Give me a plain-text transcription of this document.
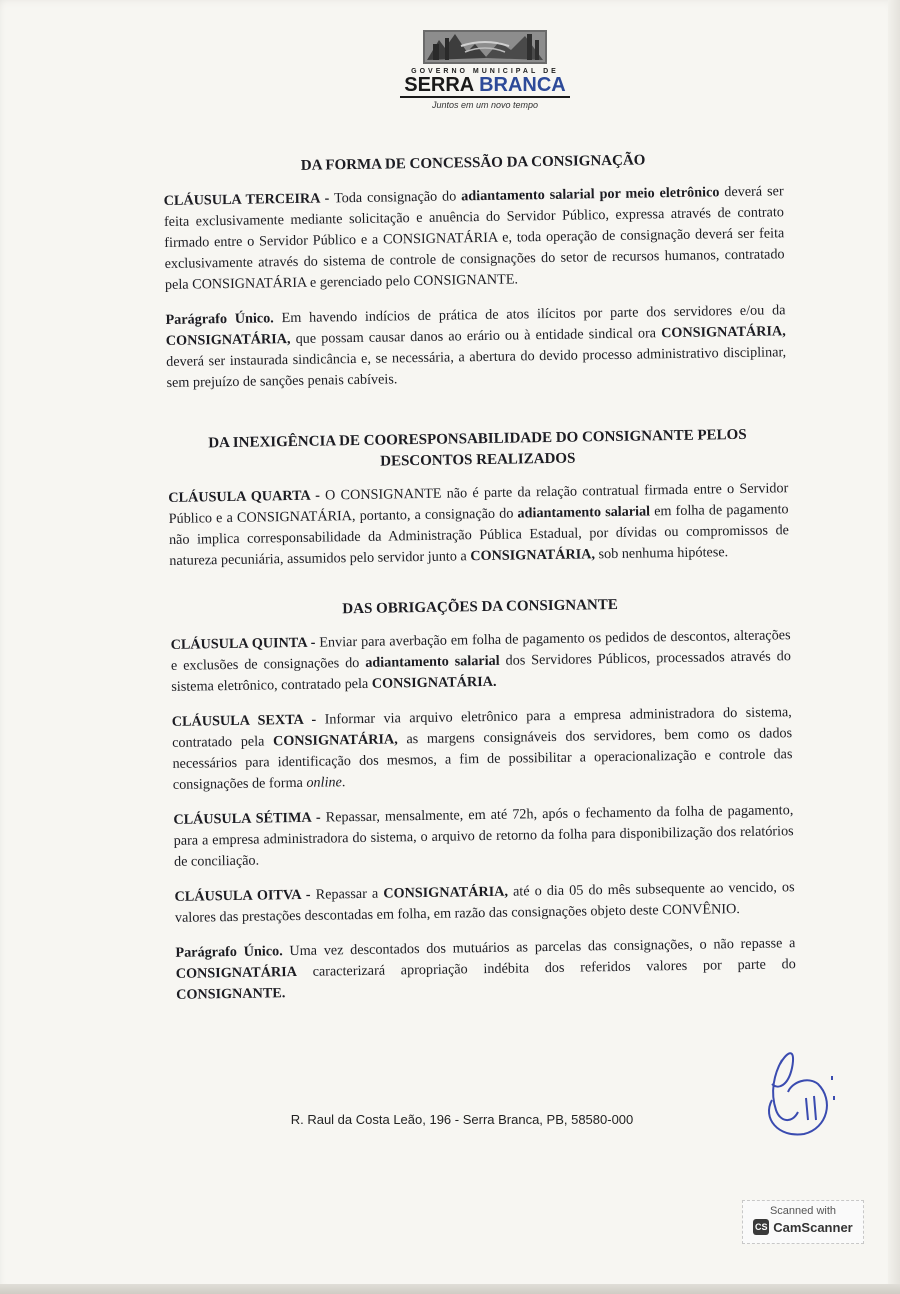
GOVERNO MUNICIPAL DE
SERRA BRANCA
Juntos em um novo tempo
DA FORMA DE CONCESSÃO DA CONSIGNAÇÃO

CLÁUSULA TERCEIRA - Toda consignação do adiantamento salarial por meio eletrônico deverá ser feita exclusivamente mediante solicitação e anuência do Servidor Público, expressa através de contrato firmado entre o Servidor Público e a CONSIGNATÁRIA e, toda operação de consignação deverá ser feita exclusivamente através do sistema de controle de consignações do setor de recursos humanos, contratado pela CONSIGNATÁRIA e gerenciado pelo CONSIGNANTE.

Parágrafo Único. Em havendo indícios de prática de atos ilícitos por parte dos servidores e/ou da CONSIGNATÁRIA, que possam causar danos ao erário ou à entidade sindical ora CONSIGNATÁRIA, deverá ser instaurada sindicância e, se necessária, a abertura do devido processo administrativo disciplinar, sem prejuízo de sanções penais cabíveis.

DA INEXIGÊNCIA DE COORESPONSABILIDADE DO CONSIGNANTE PELOS
DESCONTOS REALIZADOS

CLÁUSULA QUARTA - O CONSIGNANTE não é parte da relação contratual firmada entre o Servidor Público e a CONSIGNATÁRIA, portanto, a consignação do adiantamento salarial em folha de pagamento não implica corresponsabilidade da Administração Pública Estadual, por dívidas ou compromissos de natureza pecuniária, assumidos pelo servidor junto a CONSIGNATÁRIA, sob nenhuma hipótese.

DAS OBRIGAÇÕES DA CONSIGNANTE

CLÁUSULA QUINTA - Enviar para averbação em folha de pagamento os pedidos de descontos, alterações e exclusões de consignações do adiantamento salarial dos Servidores Públicos, processados através do sistema eletrônico, contratado pela CONSIGNATÁRIA.

CLÁUSULA SEXTA - Informar via arquivo eletrônico para a empresa administradora do sistema, contratado pela CONSIGNATÁRIA, as margens consignáveis dos servidores, bem como os dados necessários para identificação dos mesmos, a fim de possibilitar a operacionalização e controle das consignações de forma online.

CLÁUSULA SÉTIMA - Repassar, mensalmente, em até 72h, após o fechamento da folha de pagamento, para a empresa administradora do sistema, o arquivo de retorno da folha para disponibilização dos relatórios de conciliação.

CLÁUSULA OITVA - Repassar a CONSIGNATÁRIA, até o dia 05 do mês subsequente ao vencido, os valores das prestações descontadas em folha, em razão das consignações objeto deste CONVÊNIO.

Parágrafo Único. Uma vez descontados dos mutuários as parcelas das consignações, o não repasse a CONSIGNATÁRIA caracterizará apropriação indébita dos referidos valores por parte do CONSIGNANTE.

R. Raul da Costa Leão, 196 - Serra Branca, PB, 58580-000
Scanned with
CS CamScanner
